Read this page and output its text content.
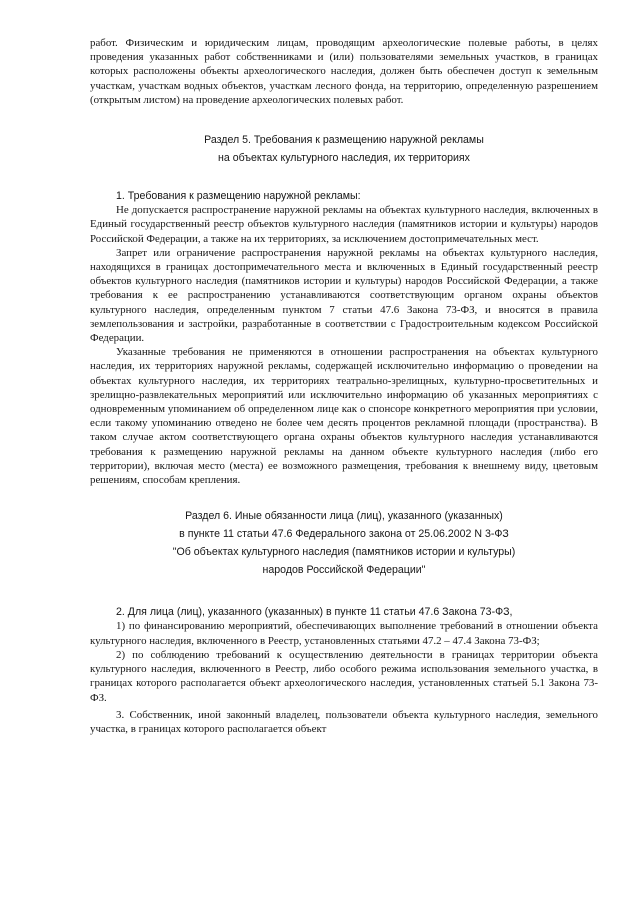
работ. Физическим и юридическим лицам, проводящим археологические полевые работы, в целях проведения указанных работ собственниками и (или) пользователями земельных участков, в границах которых расположены объекты археологического наследия, должен быть обеспечен доступ к земельным участкам, участкам водных объектов, участкам лесного фонда, на территорию, определенную разрешением (открытым листом) на проведение археологических полевых работ.

Раздел 5. Требования к размещению наружной рекламы

на объектах культурного наследия, их территориях

1. Требования к размещению наружной рекламы:

Не допускается распространение наружной рекламы на объектах культурного наследия, включенных в Единый государственный реестр объектов культурного наследия (памятников истории и культуры) народов Российской Федерации, а также на их территориях, за исключением достопримечательных мест.

Запрет или ограничение распространения наружной рекламы на объектах культурного наследия, находящихся в границах достопримечательного места и включенных в Единый государственный реестр объектов культурного наследия (памятников истории и культуры) народов Российской Федерации, а также требования к ее распространению устанавливаются соответствующим органом охраны объектов культурного наследия, определенным пунктом 7 статьи 47.6 Закона 73-ФЗ, и вносятся в правила землепользования и застройки, разработанные в соответствии с Градостроительным кодексом Российской Федерации.

Указанные требования не применяются в отношении распространения на объектах культурного наследия, их территориях наружной рекламы, содержащей исключительно информацию о проведении на объектах культурного наследия, их территориях театрально-зрелищных, культурно-просветительных и зрелищно-развлекательных мероприятий или исключительно информацию об указанных мероприятиях с одновременным упоминанием об определенном лице как о спонсоре конкретного мероприятия при условии, если такому упоминанию отведено не более чем десять процентов рекламной площади (пространства). В таком случае актом соответствующего органа охраны объектов культурного наследия устанавливаются требования к размещению наружной рекламы на данном объекте культурного наследия (либо его территории), включая место (места) ее возможного размещения, требования к внешнему виду, цветовым решениям, способам крепления.

Раздел 6. Иные обязанности лица (лиц), указанного (указанных)

в пункте 11 статьи 47.6 Федерального закона от 25.06.2002 N 3-ФЗ

"Об объектах культурного наследия (памятников истории и культуры)

народов Российской Федерации"

2. Для лица (лиц), указанного (указанных) в пункте 11 статьи 47.6 Закона 73-ФЗ,

1) по финансированию мероприятий, обеспечивающих выполнение требований в отношении объекта культурного наследия, включенного в Реестр, установленных статьями 47.2 – 47.4 Закона 73-ФЗ;

2) по соблюдению требований к осуществлению деятельности в границах территории объекта культурного наследия, включенного в Реестр, либо особого режима использования земельного участка, в границах которого располагается объект археологического наследия, установленных статьей 5.1 Закона 73-ФЗ.

3. Собственник, иной законный владелец, пользователи объекта культурного наследия, земельного участка, в границах которого располагается объект
